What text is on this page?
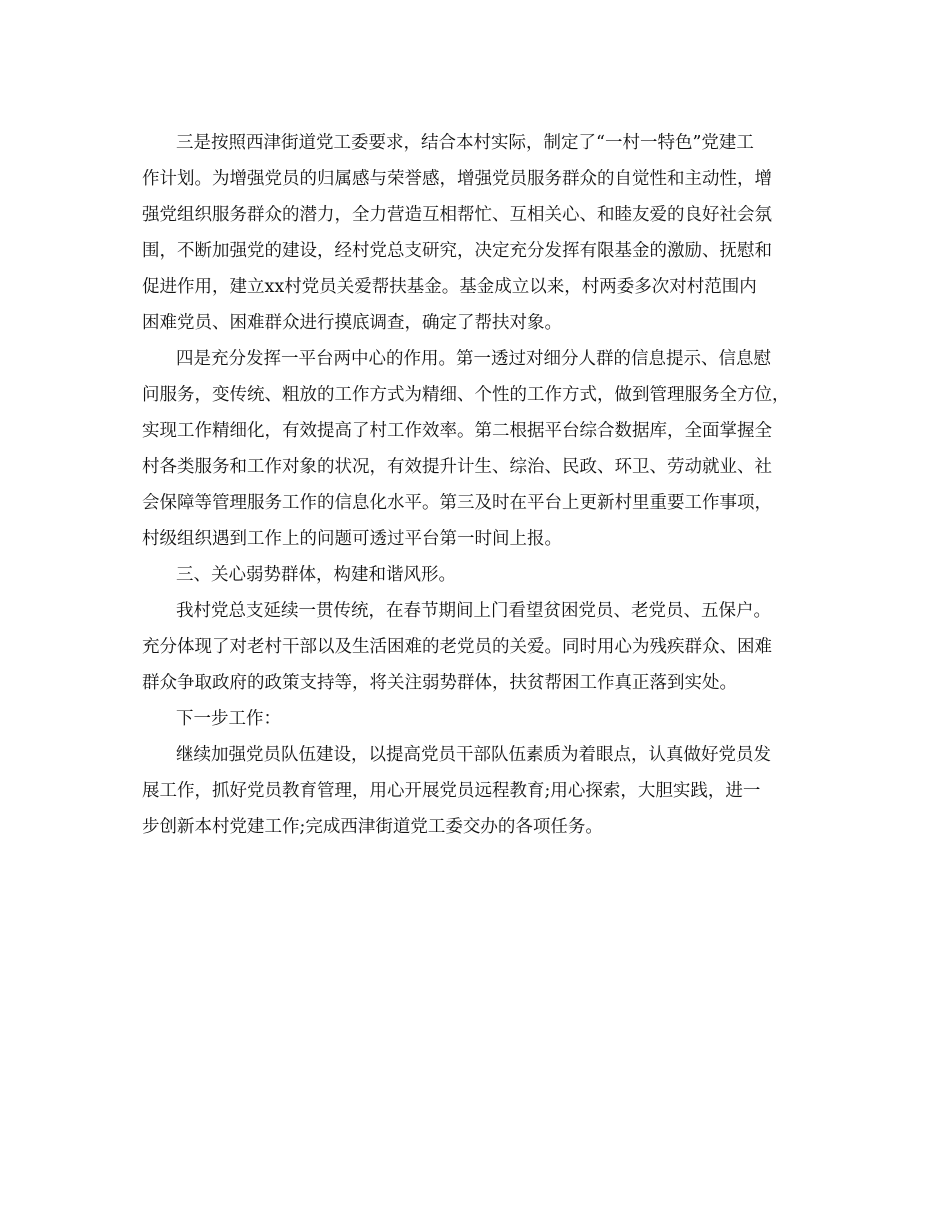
三是按照西津街道党工委要求，结合本村实际，制定了“一村一特色”党建工
作计划。为增强党员的归属感与荣誉感，增强党员服务群众的自觉性和主动性，增
强党组织服务群众的潜力，全力营造互相帮忙、互相关心、和睦友爱的良好社会氛
围，不断加强党的建设，经村党总支研究，决定充分发挥有限基金的激励、抚慰和
促进作用，建立xx村党员关爱帮扶基金。基金成立以来，村两委多次对村范围内
困难党员、困难群众进行摸底调查，确定了帮扶对象。
四是充分发挥一平台两中心的作用。第一透过对细分人群的信息提示、信息慰
问服务，变传统、粗放的工作方式为精细、个性的工作方式，做到管理服务全方位，
实现工作精细化，有效提高了村工作效率。第二根据平台综合数据库，全面掌握全
村各类服务和工作对象的状况，有效提升计生、综治、民政、环卫、劳动就业、社
会保障等管理服务工作的信息化水平。第三及时在平台上更新村里重要工作事项，
村级组织遇到工作上的问题可透过平台第一时间上报。
三、关心弱势群体，构建和谐风形。
我村党总支延续一贯传统，在春节期间上门看望贫困党员、老党员、五保户。
充分体现了对老村干部以及生活困难的老党员的关爱。同时用心为残疾群众、困难
群众争取政府的政策支持等，将关注弱势群体，扶贫帮困工作真正落到实处。
下一步工作：
继续加强党员队伍建设，以提高党员干部队伍素质为着眼点，认真做好党员发
展工作，抓好党员教育管理，用心开展党员远程教育;用心探索，大胆实践，进一
步创新本村党建工作;完成西津街道党工委交办的各项任务。
